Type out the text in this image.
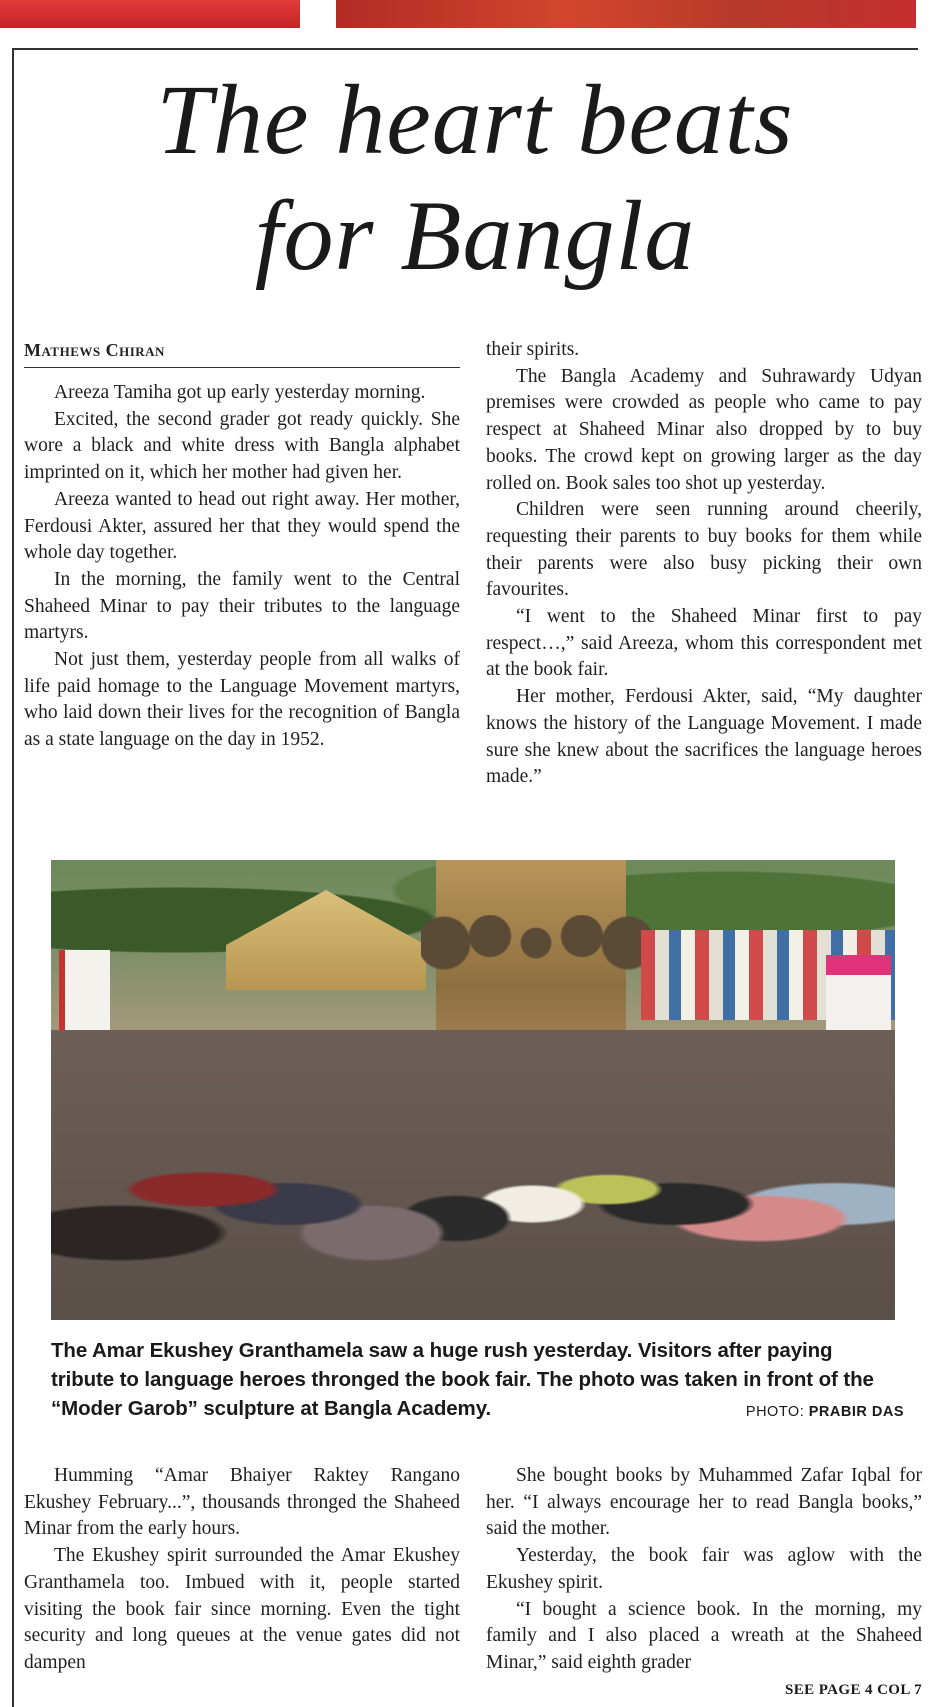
The heart beats
for Bangla
Mathews Chiran

Areeza Tamiha got up early yesterday morning.

Excited, the second grader got ready quickly. She wore a black and white dress with Bangla alphabet imprinted on it, which her mother had given her.

Areeza wanted to head out right away. Her mother, Ferdousi Akter, assured her that they would spend the whole day together.

In the morning, the family went to the Central Shaheed Minar to pay their tributes to the language martyrs.

Not just them, yesterday people from all walks of life paid homage to the Language Movement martyrs, who laid down their lives for the recognition of Bangla as a state language on the day in 1952.

their spirits.

The Bangla Academy and Suhrawardy Udyan premises were crowded as people who came to pay respect at Shaheed Minar also dropped by to buy books. The crowd kept on growing larger as the day rolled on. Book sales too shot up yesterday.

Children were seen running around cheerily, requesting their parents to buy books for them while their parents were also busy picking their own favourites.

“I went to the Shaheed Minar first to pay respect…,” said Areeza, whom this correspondent met at the book fair.

Her mother, Ferdousi Akter, said, “My daughter knows the history of the Language Movement. I made sure she knew about the sacrifices the language heroes made.”

The Amar Ekushey Granthamela saw a huge rush yesterday. Visitors after paying tribute to language heroes thronged the book fair. The photo was taken in front of the “Moder Garob” sculpture at Bangla Academy.	PHOTO: PRABIR DAS

Humming “Amar Bhaiyer Raktey Rangano Ekushey February...”, thousands thronged the Shaheed Minar from the early hours.

The Ekushey spirit surrounded the Amar Ekushey Granthamela too. Imbued with it, people started visiting the book fair since morning. Even the tight security and long queues at the venue gates did not dampen

She bought books by Muhammed Zafar Iqbal for her. “I always encourage her to read Bangla books,” said the mother.

Yesterday, the book fair was aglow with the Ekushey spirit.

“I bought a science book. In the morning, my family and I also placed a wreath at the Shaheed Minar,” said eighth grader

SEE PAGE 4 COL 7
